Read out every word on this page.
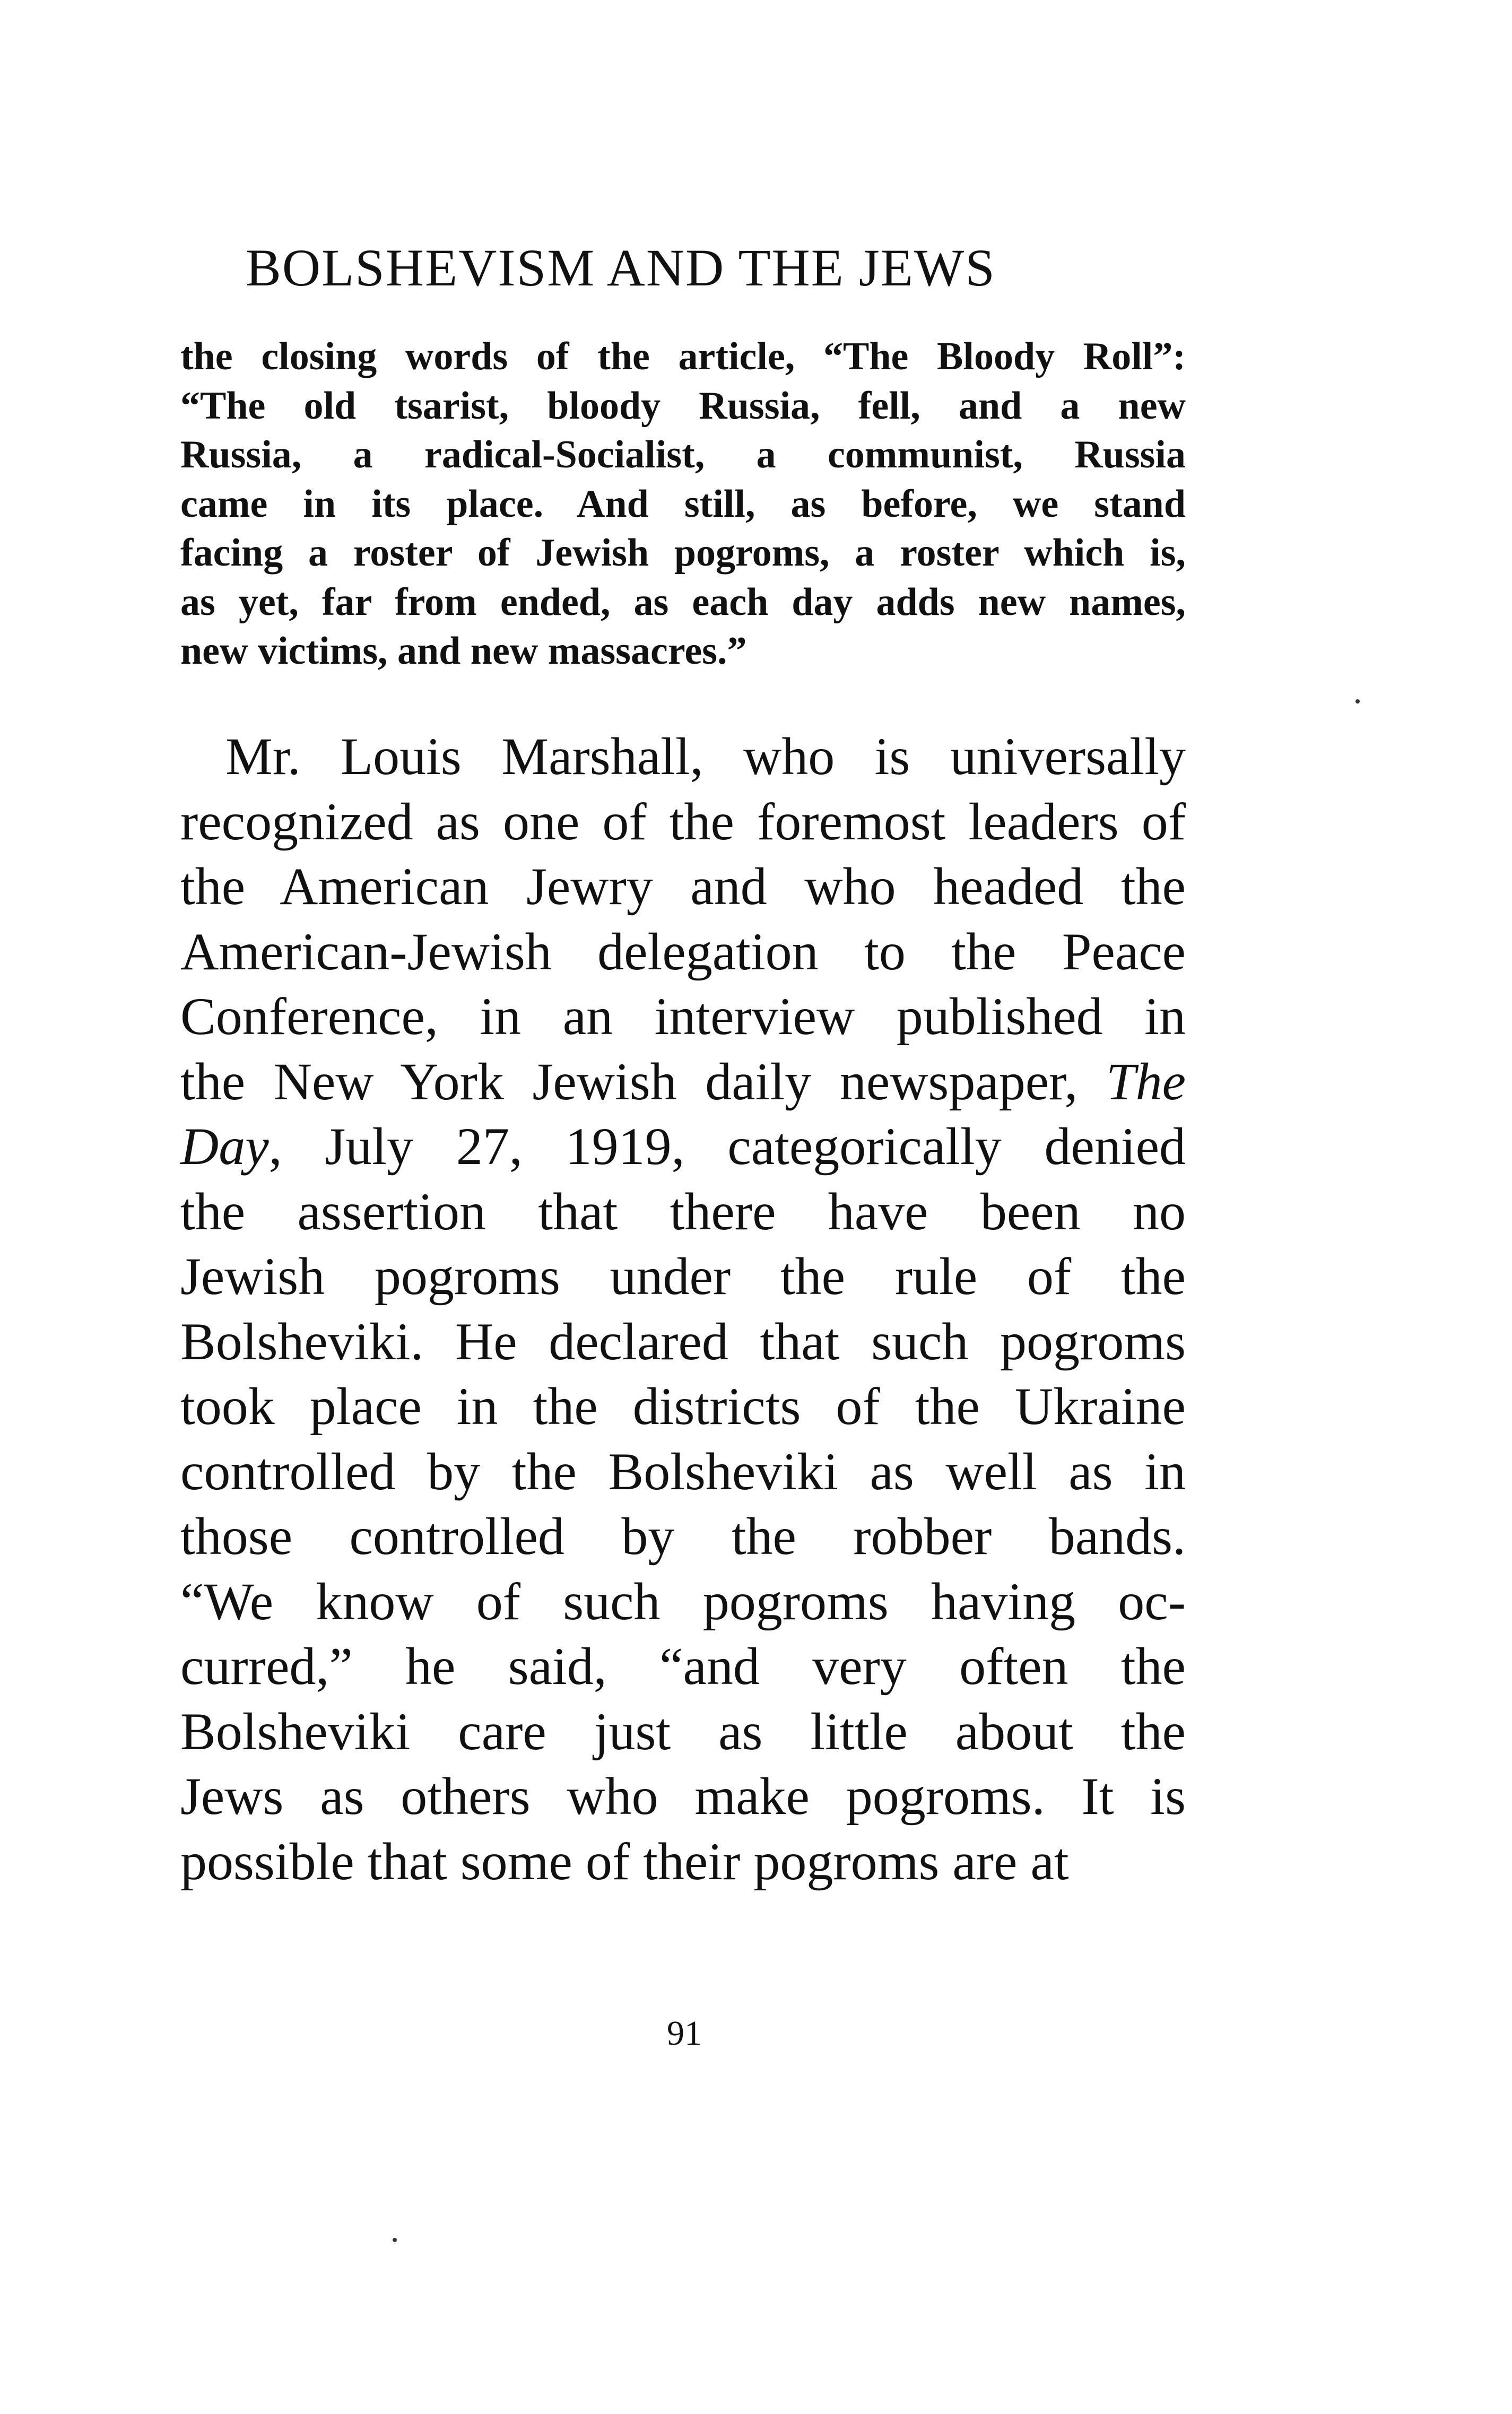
BOLSHEVISM AND THE JEWS
the closing words of the article, “The Bloody Roll”:
“The old tsarist, bloody Russia, fell, and a new
Russia, a radical-Socialist, a communist, Russia
came in its place. And still, as before, we stand
facing a roster of Jewish pogroms, a roster which is,
as yet, far from ended, as each day adds new names,
new victims, and new massacres.”
Mr. Louis Marshall, who is universally
recognized as one of the foremost leaders of
the American Jewry and who headed the
American-Jewish delegation to the Peace
Conference, in an interview published in
the New York Jewish daily newspaper, The
Day, July 27, 1919, categorically denied
the assertion that there have been no
Jewish pogroms under the rule of the
Bolsheviki. He declared that such pogroms
took place in the districts of the Ukraine
controlled by the Bolsheviki as well as in
those controlled by the robber bands.
“We know of such pogroms having oc-
curred,” he said, “and very often the
Bolsheviki care just as little about the
Jews as others who make pogroms. It is
possible that some of their pogroms are at
91
